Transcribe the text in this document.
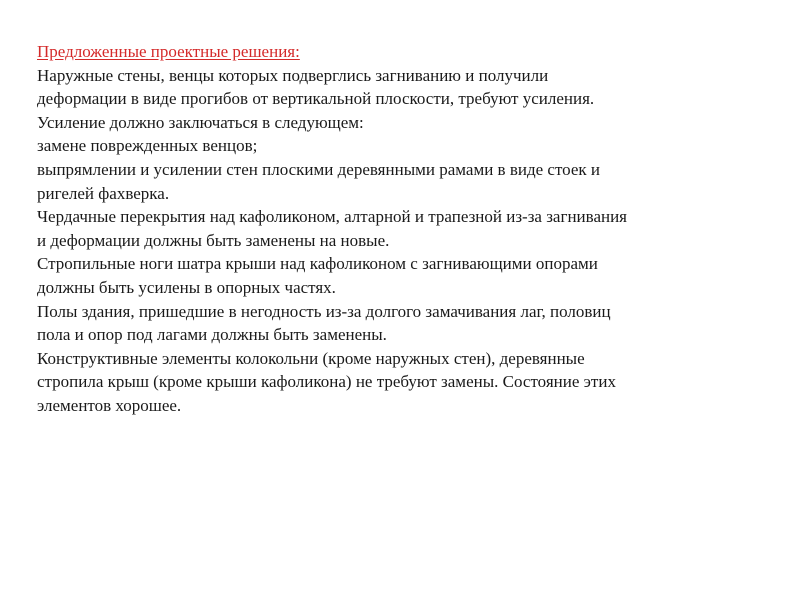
Предложенные проектные решения:
Наружные стены, венцы которых подверглись загниванию и получили
деформации в виде прогибов от вертикальной плоскости, требуют усиления.
Усиление должно заключаться в следующем:
замене поврежденных венцов;
выпрямлении и усилении стен плоскими деревянными рамами в виде стоек и
ригелей фахверка.
Чердачные перекрытия над кафоликоном, алтарной и трапезной из-за загнивания
и деформации должны быть заменены на новые.
Стропильные ноги шатра крыши над кафоликоном с загнивающими опорами
должны быть усилены в опорных частях.
Полы здания, пришедшие в негодность из-за долгого замачивания лаг, половиц
пола и опор под лагами должны быть заменены.
Конструктивные элементы колокольни (кроме наружных стен), деревянные
стропила крыш (кроме крыши кафоликона) не требуют замены. Состояние этих
элементов хорошее.
